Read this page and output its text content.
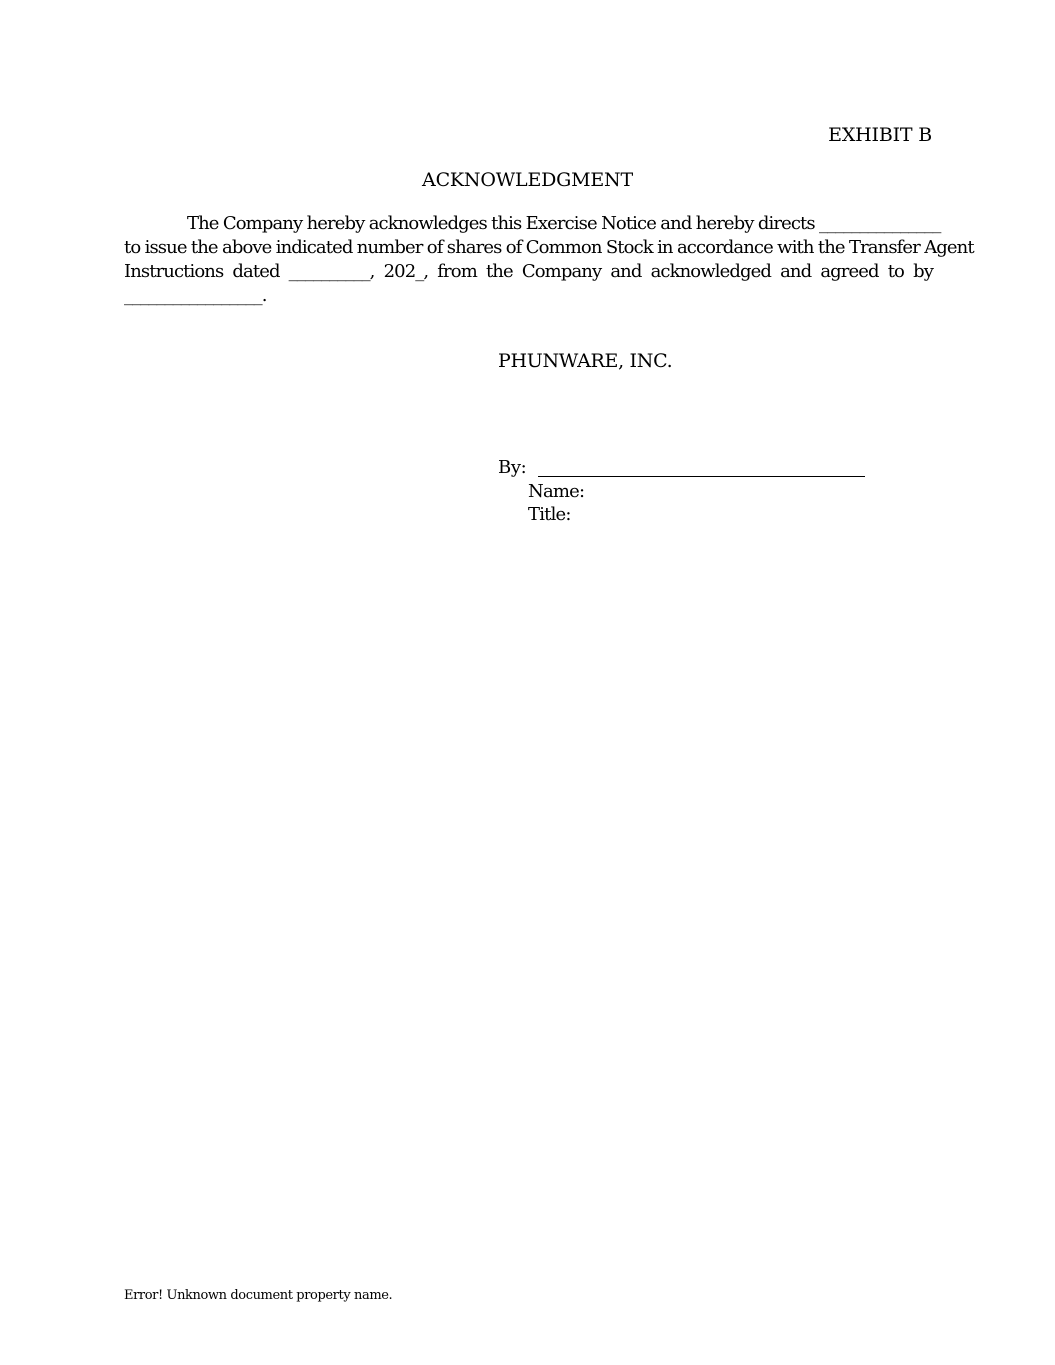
EXHIBIT B
ACKNOWLEDGMENT
The Company hereby acknowledges this Exercise Notice and hereby directs _______________
to issue the above indicated number of shares of Common Stock in accordance with the Transfer Agent
Instructions dated __________, 202_, from the Company and acknowledged and agreed to by
_________________.
PHUNWARE, INC.
By:
Name:
Title:
Error! Unknown document property name.
